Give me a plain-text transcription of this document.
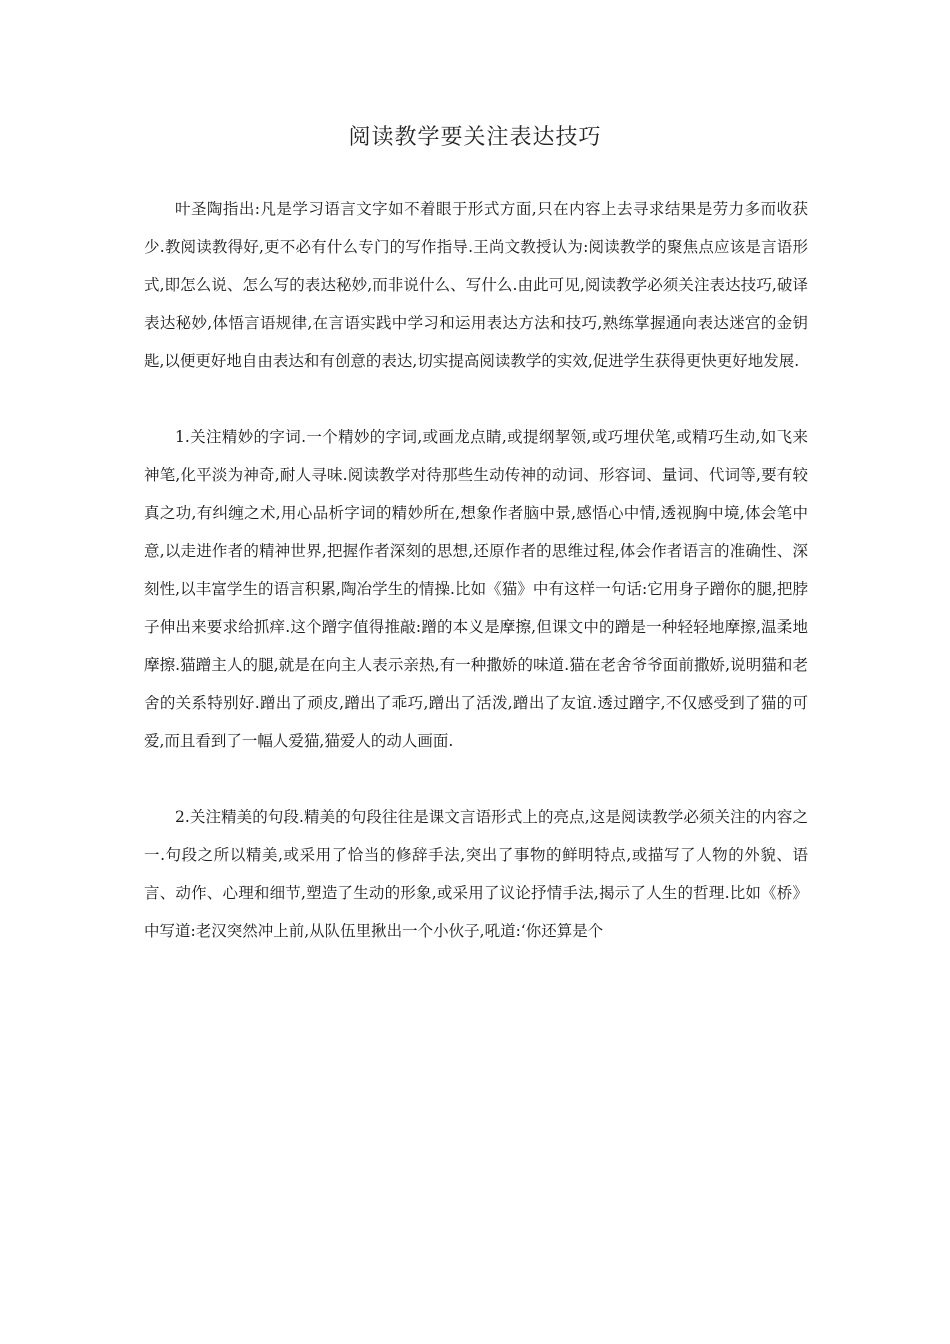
阅读教学要关注表达技巧

叶圣陶指出:凡是学习语言文字如不着眼于形式方面,只在内容上去寻求结果是劳力多而收获少.教阅读教得好,更不必有什么专门的写作指导.王尚文教授认为:阅读教学的聚焦点应该是言语形式,即怎么说、怎么写的表达秘妙,而非说什么、写什么.由此可见,阅读教学必须关注表达技巧,破译表达秘妙,体悟言语规律,在言语实践中学习和运用表达方法和技巧,熟练掌握通向表达迷宫的金钥匙,以便更好地自由表达和有创意的表达,切实提高阅读教学的实效,促进学生获得更快更好地发展.

1.关注精妙的字词.一个精妙的字词,或画龙点睛,或提纲挈领,或巧埋伏笔,或精巧生动,如飞来神笔,化平淡为神奇,耐人寻味.阅读教学对待那些生动传神的动词、形容词、量词、代词等,要有较真之功,有纠缠之术,用心品析字词的精妙所在,想象作者脑中景,感悟心中情,透视胸中境,体会笔中意,以走进作者的精神世界,把握作者深刻的思想,还原作者的思维过程,体会作者语言的准确性、深刻性,以丰富学生的语言积累,陶冶学生的情操.比如《猫》中有这样一句话:它用身子蹭你的腿,把脖子伸出来要求给抓痒.这个蹭字值得推敲:蹭的本义是摩擦,但课文中的蹭是一种轻轻地摩擦,温柔地摩擦.猫蹭主人的腿,就是在向主人表示亲热,有一种撒娇的味道.猫在老舍爷爷面前撒娇,说明猫和老舍的关系特别好.蹭出了顽皮,蹭出了乖巧,蹭出了活泼,蹭出了友谊.透过蹭字,不仅感受到了猫的可爱,而且看到了一幅人爱猫,猫爱人的动人画面.

2.关注精美的句段.精美的句段往往是课文言语形式上的亮点,这是阅读教学必须关注的内容之一.句段之所以精美,或采用了恰当的修辞手法,突出了事物的鲜明特点,或描写了人物的外貌、语言、动作、心理和细节,塑造了生动的形象,或采用了议论抒情手法,揭示了人生的哲理.比如《桥》中写道:老汉突然冲上前,从队伍里揪出一个小伙子,吼道:‘你还算是个
